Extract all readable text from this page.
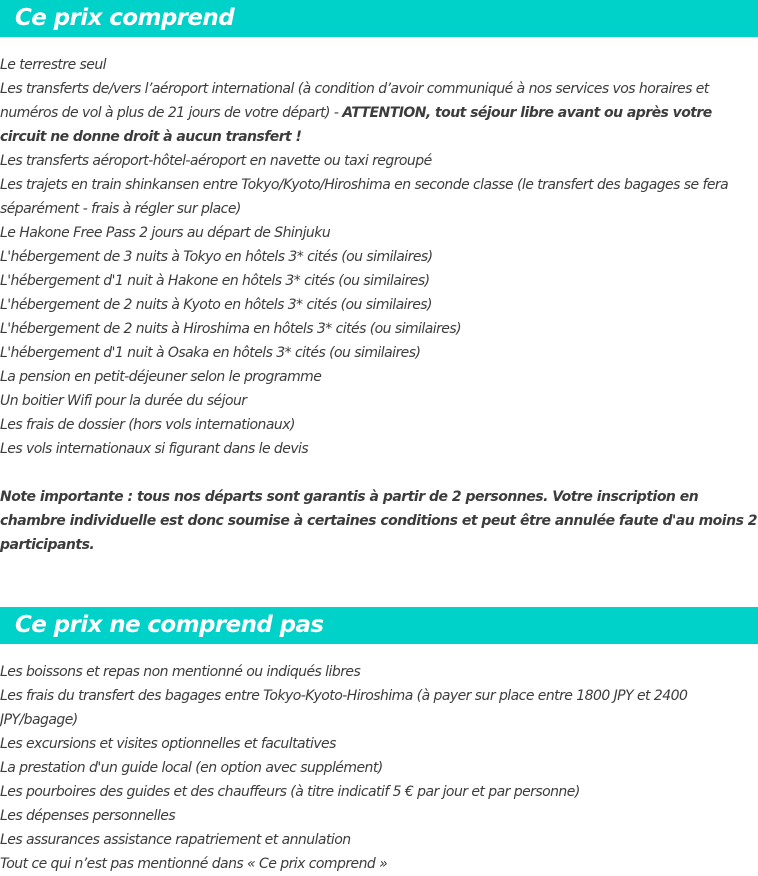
Ce prix comprend
Le terrestre seul
Les transferts de/vers l’aéroport international (à condition d’avoir communiqué à nos services vos horaires et numéros de vol à plus de 21 jours de votre départ) - ATTENTION, tout séjour libre avant ou après votre circuit ne donne droit à aucun transfert !
Les transferts aéroport-hôtel-aéroport en navette ou taxi regroupé
Les trajets en train shinkansen entre Tokyo/Kyoto/Hiroshima en seconde classe (le transfert des bagages se fera séparément - frais à régler sur place)
Le Hakone Free Pass 2 jours au départ de Shinjuku
L'hébergement de 3 nuits à Tokyo en hôtels 3* cités (ou similaires)
L'hébergement d'1 nuit à Hakone en hôtels 3* cités (ou similaires)
L'hébergement de 2 nuits à Kyoto en hôtels 3* cités (ou similaires)
L'hébergement de 2 nuits à Hiroshima en hôtels 3* cités (ou similaires)
L'hébergement d'1 nuit à Osaka en hôtels 3* cités (ou similaires)
La pension en petit-déjeuner selon le programme
Un boitier Wifi pour la durée du séjour
Les frais de dossier (hors vols internationaux)
Les vols internationaux si figurant dans le devis
Note importante : tous nos départs sont garantis à partir de 2 personnes. Votre inscription en chambre individuelle est donc soumise à certaines conditions et peut être annulée faute d'au moins 2 participants.
Ce prix ne comprend pas
Les boissons et repas non mentionné ou indiqués libres
Les frais du transfert des bagages entre Tokyo-Kyoto-Hiroshima (à payer sur place entre 1800 JPY et 2400 JPY/bagage)
Les excursions et visites optionnelles et facultatives
La prestation d'un guide local (en option avec supplément)
Les pourboires des guides et des chauffeurs (à titre indicatif 5 € par jour et par personne)
Les dépenses personnelles
Les assurances assistance rapatriement et annulation
Tout ce qui n’est pas mentionné dans « Ce prix comprend »
